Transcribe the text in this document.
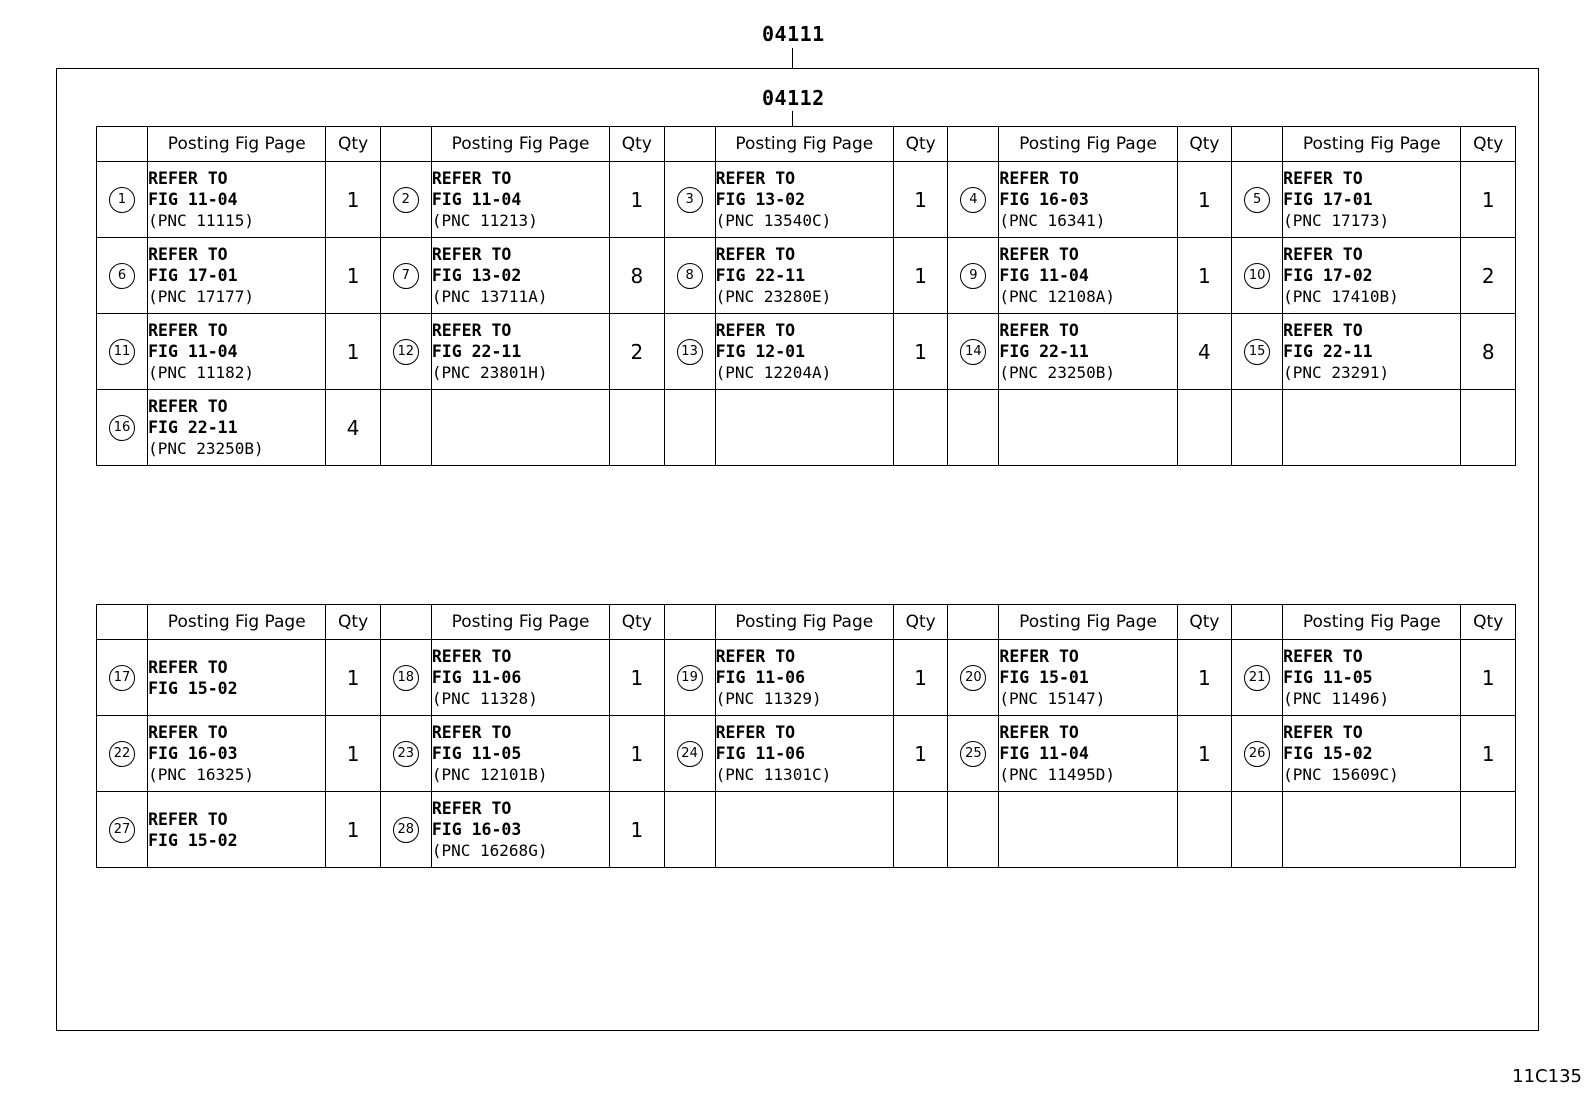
04111
04112
	Posting Fig Page	Qty		Posting Fig Page	Qty		Posting Fig Page	Qty		Posting Fig Page	Qty		Posting Fig Page	Qty
1	REFER TO
FIG 11-04
(PNC 11115)	1	2	REFER TO
FIG 11-04
(PNC 11213)	1	3	REFER TO
FIG 13-02
(PNC 13540C)	1	4	REFER TO
FIG 16-03
(PNC 16341)	1	5	REFER TO
FIG 17-01
(PNC 17173)	1
6	REFER TO
FIG 17-01
(PNC 17177)	1	7	REFER TO
FIG 13-02
(PNC 13711A)	8	8	REFER TO
FIG 22-11
(PNC 23280E)	1	9	REFER TO
FIG 11-04
(PNC 12108A)	1	10	REFER TO
FIG 17-02
(PNC 17410B)	2
11	REFER TO
FIG 11-04
(PNC 11182)	1	12	REFER TO
FIG 22-11
(PNC 23801H)	2	13	REFER TO
FIG 12-01
(PNC 12204A)	1	14	REFER TO
FIG 22-11
(PNC 23250B)	4	15	REFER TO
FIG 22-11
(PNC 23291)	8
16	REFER TO
FIG 22-11
(PNC 23250B)	4												
	Posting Fig Page	Qty		Posting Fig Page	Qty		Posting Fig Page	Qty		Posting Fig Page	Qty		Posting Fig Page	Qty
17	REFER TO
FIG 15-02	1	18	REFER TO
FIG 11-06
(PNC 11328)	1	19	REFER TO
FIG 11-06
(PNC 11329)	1	20	REFER TO
FIG 15-01
(PNC 15147)	1	21	REFER TO
FIG 11-05
(PNC 11496)	1
22	REFER TO
FIG 16-03
(PNC 16325)	1	23	REFER TO
FIG 11-05
(PNC 12101B)	1	24	REFER TO
FIG 11-06
(PNC 11301C)	1	25	REFER TO
FIG 11-04
(PNC 11495D)	1	26	REFER TO
FIG 15-02
(PNC 15609C)	1
27	REFER TO
FIG 15-02	1	28	REFER TO
FIG 16-03
(PNC 16268G)	1									
11C135
